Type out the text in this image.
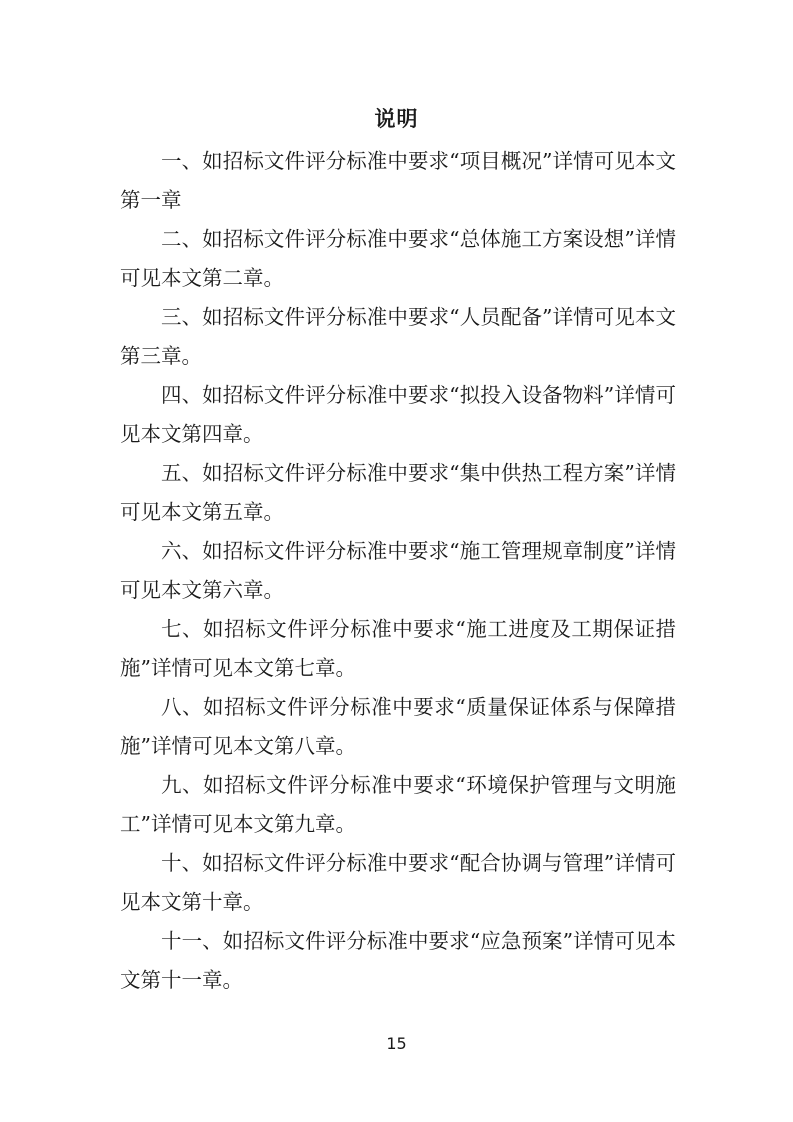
说明

一、如招标文件评分标准中要求“项目概况”详情可见本文第一章

二、如招标文件评分标准中要求“总体施工方案设想”详情可见本文第二章。

三、如招标文件评分标准中要求“人员配备”详情可见本文第三章。

四、如招标文件评分标准中要求“拟投入设备物料”详情可见本文第四章。

五、如招标文件评分标准中要求“集中供热工程方案”详情可见本文第五章。

六、如招标文件评分标准中要求“施工管理规章制度”详情可见本文第六章。

七、如招标文件评分标准中要求“施工进度及工期保证措施”详情可见本文第七章。

八、如招标文件评分标准中要求“质量保证体系与保障措施”详情可见本文第八章。

九、如招标文件评分标准中要求“环境保护管理与文明施工”详情可见本文第九章。

十、如招标文件评分标准中要求“配合协调与管理”详情可见本文第十章。

十一、如招标文件评分标准中要求“应急预案”详情可见本文第十一章。

15
